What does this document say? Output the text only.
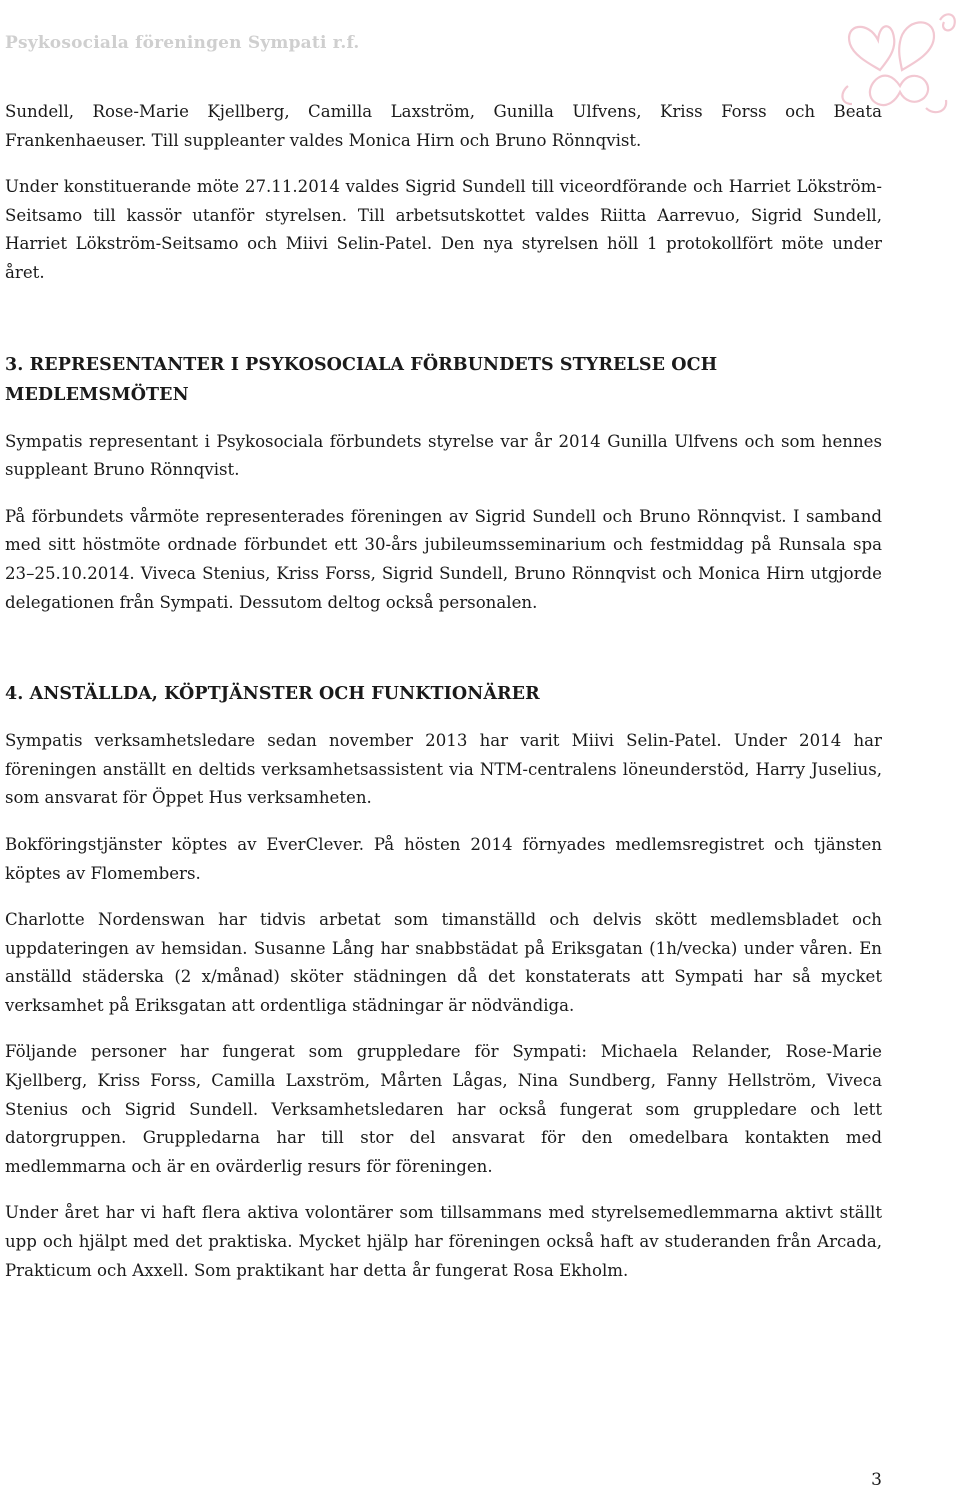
Psykosociala föreningen Sympati r.f.

Sundell, Rose-Marie Kjellberg, Camilla Laxström, Gunilla Ulfvens, Kriss Forss och Beata Frankenhaeuser. Till suppleanter valdes Monica Hirn och Bruno Rönnqvist.

Under konstituerande möte 27.11.2014 valdes Sigrid Sundell till viceordförande och Harriet Lökström-Seitsamo till kassör utanför styrelsen. Till arbetsutskottet valdes Riitta Aarrevuo, Sigrid Sundell, Harriet Lökström-Seitsamo och Miivi Selin-Patel. Den nya styrelsen höll 1 protokollfört möte under året.

3. REPRESENTANTER I PSYKOSOCIALA FÖRBUNDETS STYRELSE OCH MEDLEMSMÖTEN

Sympatis representant i Psykosociala förbundets styrelse var år 2014 Gunilla Ulfvens och som hennes suppleant Bruno Rönnqvist.

På förbundets vårmöte representerades föreningen av Sigrid Sundell och Bruno Rönnqvist. I samband med sitt höstmöte ordnade förbundet ett 30-års jubileumsseminarium och festmiddag på Runsala spa 23–25.10.2014. Viveca Stenius, Kriss Forss, Sigrid Sundell, Bruno Rönnqvist och Monica Hirn utgjorde delegationen från Sympati. Dessutom deltog också personalen.

4. ANSTÄLLDA, KÖPTJÄNSTER OCH FUNKTIONÄRER

Sympatis verksamhetsledare sedan november 2013 har varit Miivi Selin-Patel. Under 2014 har föreningen anställt en deltids verksamhetsassistent via NTM-centralens löneunderstöd, Harry Juselius, som ansvarat för Öppet Hus verksamheten.

Bokföringstjänster köptes av EverClever. På hösten 2014 förnyades medlemsregistret och tjänsten köptes av Flomembers.

Charlotte Nordenswan har tidvis arbetat som timanställd och delvis skött medlemsbladet och uppdateringen av hemsidan. Susanne Lång har snabbstädat på Eriksgatan (1h/vecka) under våren. En anställd städerska (2 x/månad) sköter städningen då det konstaterats att Sympati har så mycket verksamhet på Eriksgatan att ordentliga städningar är nödvändiga.

Följande personer har fungerat som gruppledare för Sympati: Michaela Relander, Rose-Marie Kjellberg, Kriss Forss, Camilla Laxström, Mårten Lågas, Nina Sundberg, Fanny Hellström, Viveca Stenius och Sigrid Sundell. Verksamhetsledaren har också fungerat som gruppledare och lett datorgruppen. Gruppledarna har till stor del ansvarat för den omedelbara kontakten med medlemmarna och är en ovärderlig resurs för föreningen.

Under året har vi haft flera aktiva volontärer som tillsammans med styrelsemedlemmarna aktivt ställt upp och hjälpt med det praktiska. Mycket hjälp har föreningen också haft av studeranden från Arcada, Prakticum och Axxell. Som praktikant har detta år fungerat Rosa Ekholm.

3
